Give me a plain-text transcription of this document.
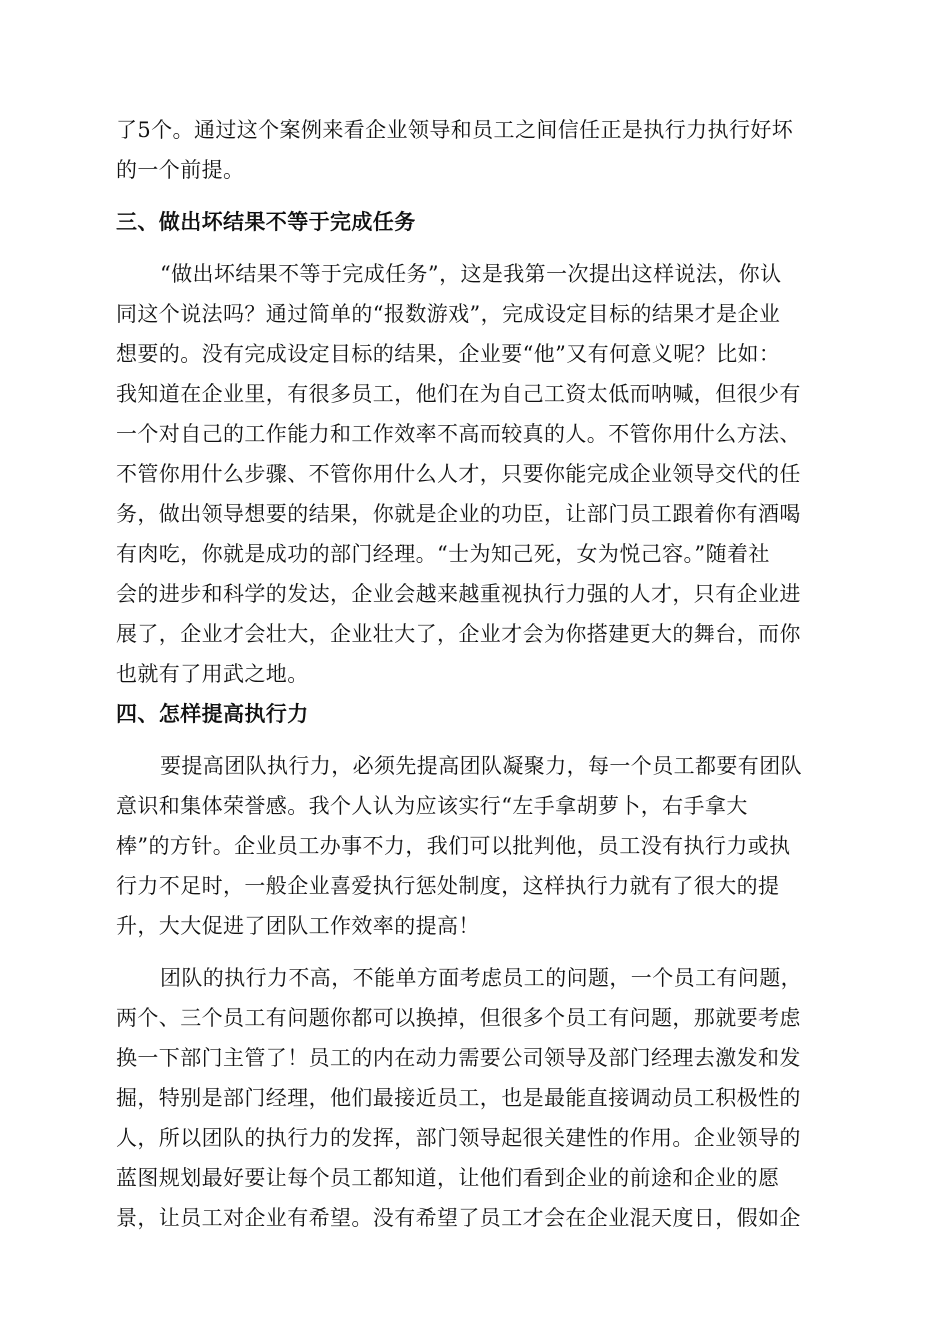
了5个。通过这个案例来看企业领导和员工之间信任正是执行力执行好坏
的一个前提。
三、做出坏结果不等于完成任务
“做出坏结果不等于完成任务”，这是我第一次提出这样说法，你认
同这个说法吗？通过简单的“报数游戏”，完成设定目标的结果才是企业
想要的。没有完成设定目标的结果，企业要“他”又有何意义呢？比如：
我知道在企业里，有很多员工，他们在为自己工资太低而呐喊，但很少有
一个对自己的工作能力和工作效率不高而较真的人。不管你用什么方法、
不管你用什么步骤、不管你用什么人才，只要你能完成企业领导交代的任
务，做出领导想要的结果，你就是企业的功臣，让部门员工跟着你有酒喝
有肉吃，你就是成功的部门经理。“士为知己死，女为悦己容。”随着社
会的进步和科学的发达，企业会越来越重视执行力强的人才，只有企业进
展了，企业才会壮大，企业壮大了，企业才会为你搭建更大的舞台，而你
也就有了用武之地。
四、怎样提高执行力
要提高团队执行力，必须先提高团队凝聚力，每一个员工都要有团队
意识和集体荣誉感。我个人认为应该实行“左手拿胡萝卜，右手拿大
棒”的方针。企业员工办事不力，我们可以批判他，员工没有执行力或执
行力不足时，一般企业喜爱执行惩处制度，这样执行力就有了很大的提
升，大大促进了团队工作效率的提高！
团队的执行力不高，不能单方面考虑员工的问题，一个员工有问题，
两个、三个员工有问题你都可以换掉，但很多个员工有问题，那就要考虑
换一下部门主管了！员工的内在动力需要公司领导及部门经理去激发和发
掘，特别是部门经理，他们最接近员工，也是最能直接调动员工积极性的
人，所以团队的执行力的发挥，部门领导起很关建性的作用。企业领导的
蓝图规划最好要让每个员工都知道，让他们看到企业的前途和企业的愿
景，让员工对企业有希望。没有希望了员工才会在企业混天度日，假如企
